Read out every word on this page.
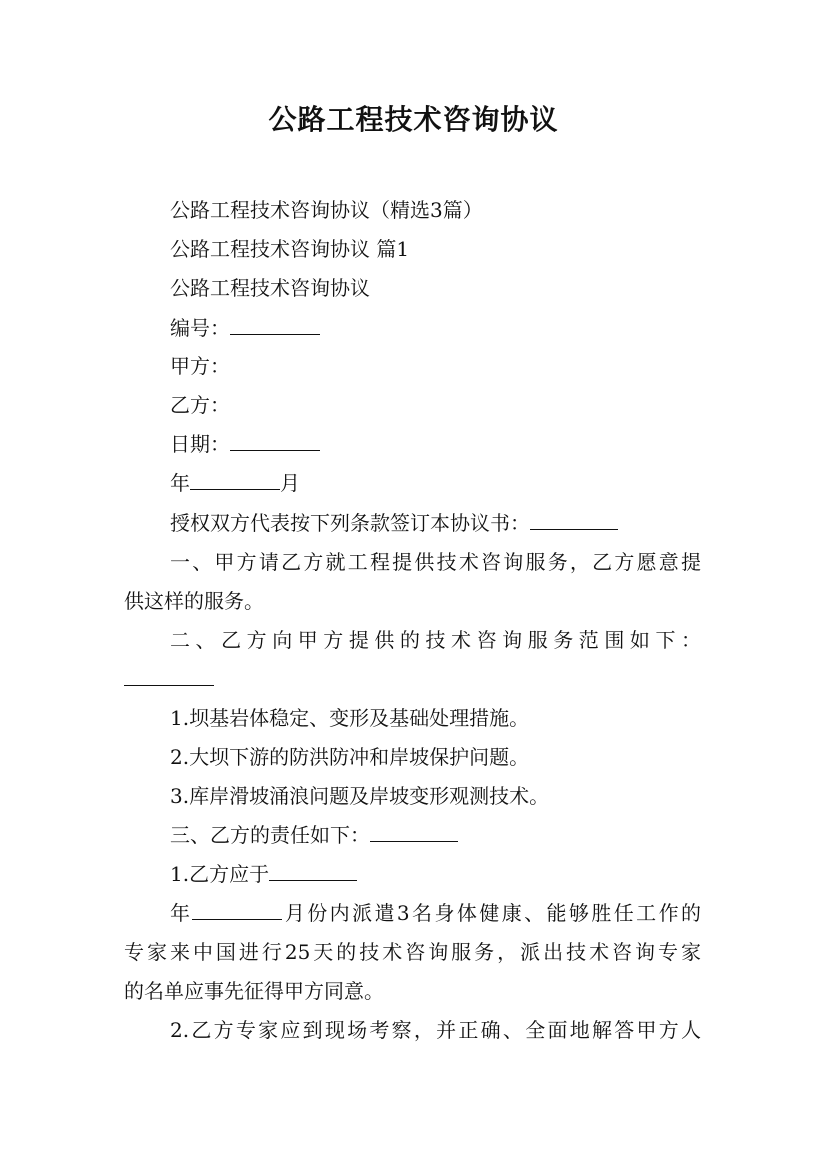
公路工程技术咨询协议
公路工程技术咨询协议（精选3篇）
公路工程技术咨询协议 篇1
公路工程技术咨询协议
编号：
甲方：
乙方：
日期：
年	月
授权双方代表按下列条款签订本协议书：
一、甲方请乙方就工程提供技术咨询服务，乙方愿意提
供这样的服务。
二、乙方向甲方提供的技术咨询服务范围如下：
1.坝基岩体稳定、变形及基础处理措施。
2.大坝下游的防洪防冲和岸坡保护问题。
3.库岸滑坡涌浪问题及岸坡变形观测技术。
三、乙方的责任如下：
1.乙方应于
年	月份内派遣3名身体健康、能够胜任工作的
专家来中国进行25天的技术咨询服务，派出技术咨询专家
的名单应事先征得甲方同意。
2.乙方专家应到现场考察，并正确、全面地解答甲方人
